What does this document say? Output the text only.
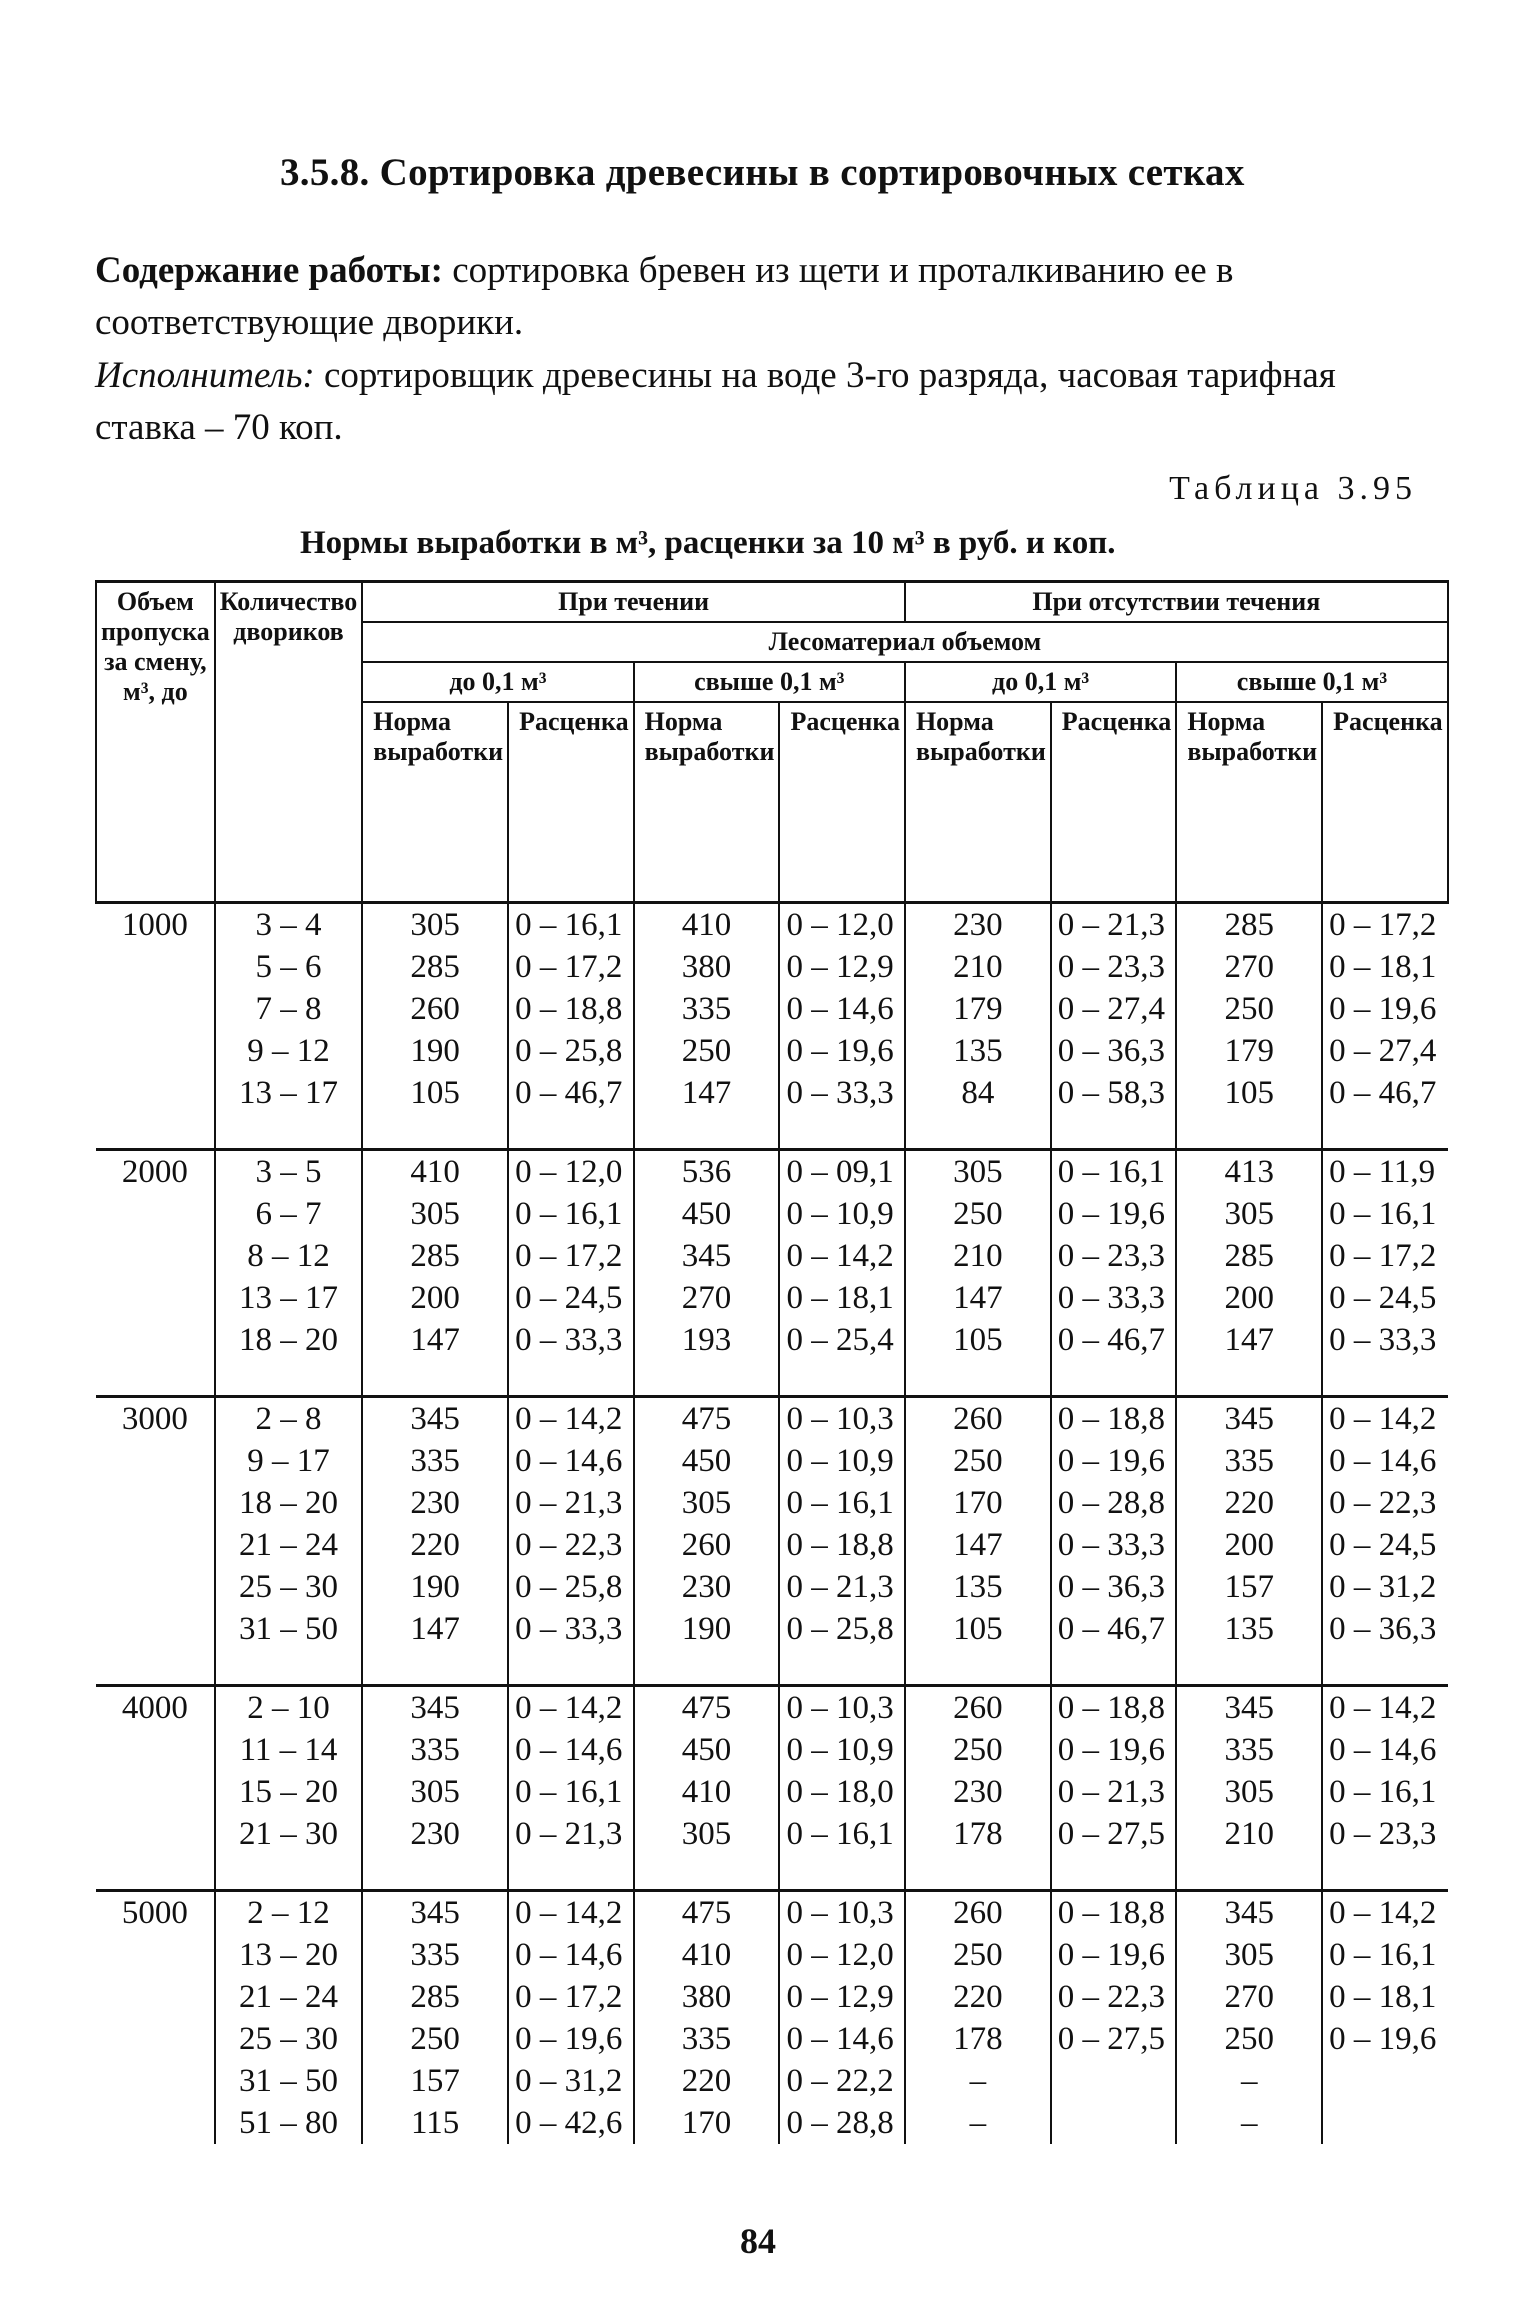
3.5.8. Сортировка древесины в сортировочных сетках
Содержание работы: сортировка бревен из щети и проталкиванию ее в соответствующие дворики.
Исполнитель: сортировщик древесины на воде 3-го разряда, часовая тарифная ставка – 70 коп.
Таблица 3.95
Нормы выработки в м³, расценки за 10 м³ в руб. и коп.
Объем пропуска за смену, м³, до	Количество двориков	При течении				При отсутствии течения			
		Лесоматериал объемом							
		до 0,1 м³		свыше 0,1 м³		до 0,1 м³		свыше 0,1 м³	
		Норма выработки	Расценка	Норма выработки	Расценка	Норма выработки	Расценка	Норма выработки	Расценка
1000	3 – 4	305	0 – 16,1	410	0 – 12,0	230	0 – 21,3	285	0 – 17,2
	5 – 6	285	0 – 17,2	380	0 – 12,9	210	0 – 23,3	270	0 – 18,1
	7 – 8	260	0 – 18,8	335	0 – 14,6	179	0 – 27,4	250	0 – 19,6
	9 – 12	190	0 – 25,8	250	0 – 19,6	135	0 – 36,3	179	0 – 27,4
	13 – 17	105	0 – 46,7	147	0 – 33,3	84	0 – 58,3	105	0 – 46,7

2000	3 – 5	410	0 – 12,0	536	0 – 09,1	305	0 – 16,1	413	0 – 11,9
	6 – 7	305	0 – 16,1	450	0 – 10,9	250	0 – 19,6	305	0 – 16,1
	8 – 12	285	0 – 17,2	345	0 – 14,2	210	0 – 23,3	285	0 – 17,2
	13 – 17	200	0 – 24,5	270	0 – 18,1	147	0 – 33,3	200	0 – 24,5
	18 – 20	147	0 – 33,3	193	0 – 25,4	105	0 – 46,7	147	0 – 33,3

3000	2 – 8	345	0 – 14,2	475	0 – 10,3	260	0 – 18,8	345	0 – 14,2
	9 – 17	335	0 – 14,6	450	0 – 10,9	250	0 – 19,6	335	0 – 14,6
	18 – 20	230	0 – 21,3	305	0 – 16,1	170	0 – 28,8	220	0 – 22,3
	21 – 24	220	0 – 22,3	260	0 – 18,8	147	0 – 33,3	200	0 – 24,5
	25 – 30	190	0 – 25,8	230	0 – 21,3	135	0 – 36,3	157	0 – 31,2
	31 – 50	147	0 – 33,3	190	0 – 25,8	105	0 – 46,7	135	0 – 36,3

4000	2 – 10	345	0 – 14,2	475	0 – 10,3	260	0 – 18,8	345	0 – 14,2
	11 – 14	335	0 – 14,6	450	0 – 10,9	250	0 – 19,6	335	0 – 14,6
	15 – 20	305	0 – 16,1	410	0 – 18,0	230	0 – 21,3	305	0 – 16,1
	21 – 30	230	0 – 21,3	305	0 – 16,1	178	0 – 27,5	210	0 – 23,3

5000	2 – 12	345	0 – 14,2	475	0 – 10,3	260	0 – 18,8	345	0 – 14,2
	13 – 20	335	0 – 14,6	410	0 – 12,0	250	0 – 19,6	305	0 – 16,1
	21 – 24	285	0 – 17,2	380	0 – 12,9	220	0 – 22,3	270	0 – 18,1
	25 – 30	250	0 – 19,6	335	0 – 14,6	178	0 – 27,5	250	0 – 19,6
	31 – 50	157	0 – 31,2	220	0 – 22,2	–		–	
	51 – 80	115	0 – 42,6	170	0 – 28,8	–		–	
84
